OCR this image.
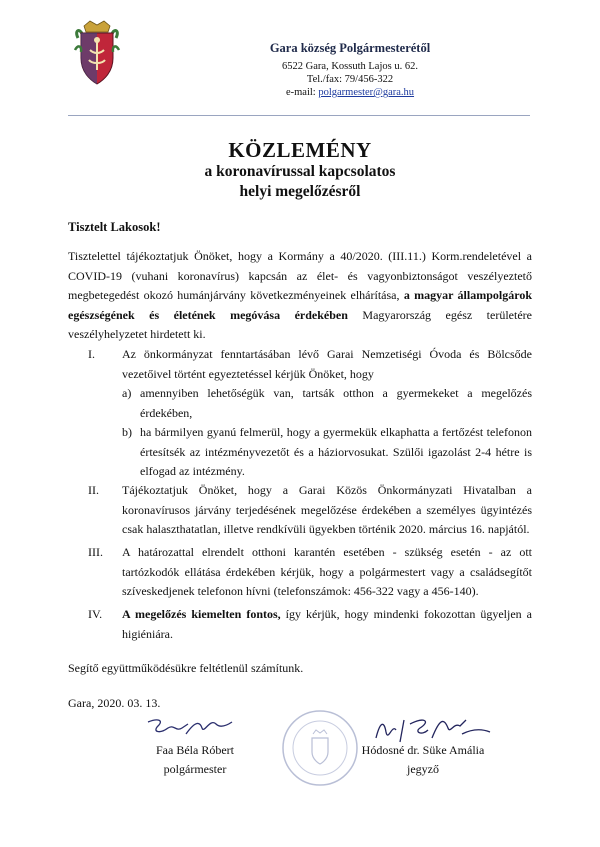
Gara község Polgármesterétől
6522 Gara, Kossuth Lajos u. 62.
Tel./fax: 79/456-322
e-mail: polgarmester@gara.hu
KÖZLEMÉNY
a koronavírussal kapcsolatos
helyi megelőzésről
Tisztelt Lakosok!
Tisztelettel tájékoztatjuk Önöket, hogy a Kormány a 40/2020. (III.11.) Korm.rendeletével a COVID-19 (vuhani koronavírus) kapcsán az élet- és vagyonbiztonságot veszélyeztető megbetegedést okozó humánjárvány következményeinek elhárítása, a magyar állampolgárok egészségének és életének megóvása érdekében Magyarország egész területére veszélyhelyzetet hirdetett ki.
I. Az önkormányzat fenntartásában lévő Garai Nemzetiségi Óvoda és Bölcsőde vezetőivel történt egyeztetéssel kérjük Önöket, hogy
a) amennyiben lehetőségük van, tartsák otthon a gyermekeket a megelőzés érdekében,
b) ha bármilyen gyanú felmerül, hogy a gyermekük elkaphatta a fertőzést telefonon értesítsék az intézményvezetőt és a háziorvosukat. Szülői igazolást 2-4 hétre is elfogad az intézmény.
II. Tájékoztatjuk Önöket, hogy a Garai Közös Önkormányzati Hivatalban a koronavírusos járvány terjedésének megelőzése érdekében a személyes ügyintézés csak halaszthatatlan, illetve rendkívüli ügyekben történik 2020. március 16. napjától.
III. A határozattal elrendelt otthoni karantén esetében - szükség esetén - az ott tartózkodók ellátása érdekében kérjük, hogy a polgármestert vagy a családsegítőt szíveskedjenek telefonon hívni (telefonszámok: 456-322 vagy a 456-140).
IV. A megelőzés kiemelten fontos, így kérjük, hogy mindenki fokozottan ügyeljen a higiéniára.
Segítő együttműködésükre feltétlenül számítunk.
Gara, 2020. 03. 13.
Faa Béla Róbert
polgármester
Hódosné dr. Süke Amália
jegyző
